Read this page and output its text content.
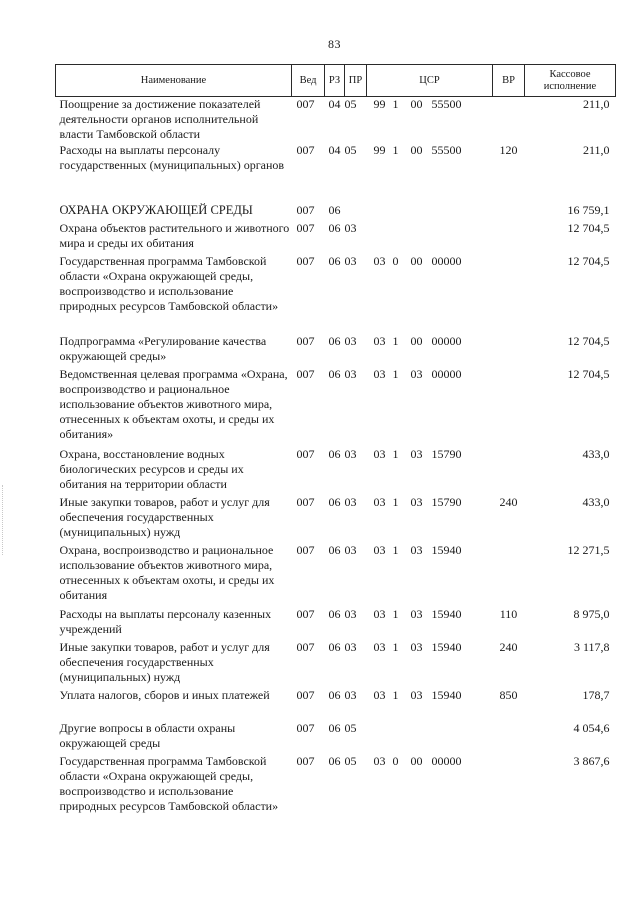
83
Наименование	Вед	РЗ	ПР	ЦСР	ВР	Кассовое исполнение
Поощрение за достижение показателей деятельности органов исполнительной власти Тамбовской области	007	04	05	99 1 00 55500		211,0
Расходы на выплаты персоналу государственных (муниципальных) органов	007	04	05	99 1 00 55500	120	211,0
ОХРАНА ОКРУЖАЮЩЕЙ СРЕДЫ	007	06				16 759,1
Охрана объектов растительного и животного мира и среды их обитания	007	06	03			12 704,5
Государственная программа Тамбовской области «Охрана окружающей среды, воспроизводство и использование природных ресурсов Тамбовской области»	007	06	03	03 0 00 00000		12 704,5
Подпрограмма «Регулирование качества окружающей среды»	007	06	03	03 1 00 00000		12 704,5
Ведомственная целевая программа «Охрана, воспроизводство и рациональное использование объектов животного мира, отнесенных к объектам охоты, и среды их обитания»	007	06	03	03 1 03 00000		12 704,5
Охрана, восстановление водных биологических ресурсов и среды их обитания на территории области	007	06	03	03 1 03 15790		433,0
Иные закупки товаров, работ и услуг для обеспечения государственных (муниципальных) нужд	007	06	03	03 1 03 15790	240	433,0
Охрана, воспроизводство и рациональное использование объектов животного мира, отнесенных к объектам охоты, и среды их обитания	007	06	03	03 1 03 15940		12 271,5
Расходы на выплаты персоналу казенных учреждений	007	06	03	03 1 03 15940	110	8 975,0
Иные закупки товаров, работ и услуг для обеспечения государственных (муниципальных) нужд	007	06	03	03 1 03 15940	240	3 117,8
Уплата налогов, сборов и иных платежей	007	06	03	03 1 03 15940	850	178,7
Другие вопросы в области охраны окружающей среды	007	06	05			4 054,6
Государственная программа Тамбовской области «Охрана окружающей среды, воспроизводство и использование природных ресурсов Тамбовской области»	007	06	05	03 0 00 00000		3 867,6
